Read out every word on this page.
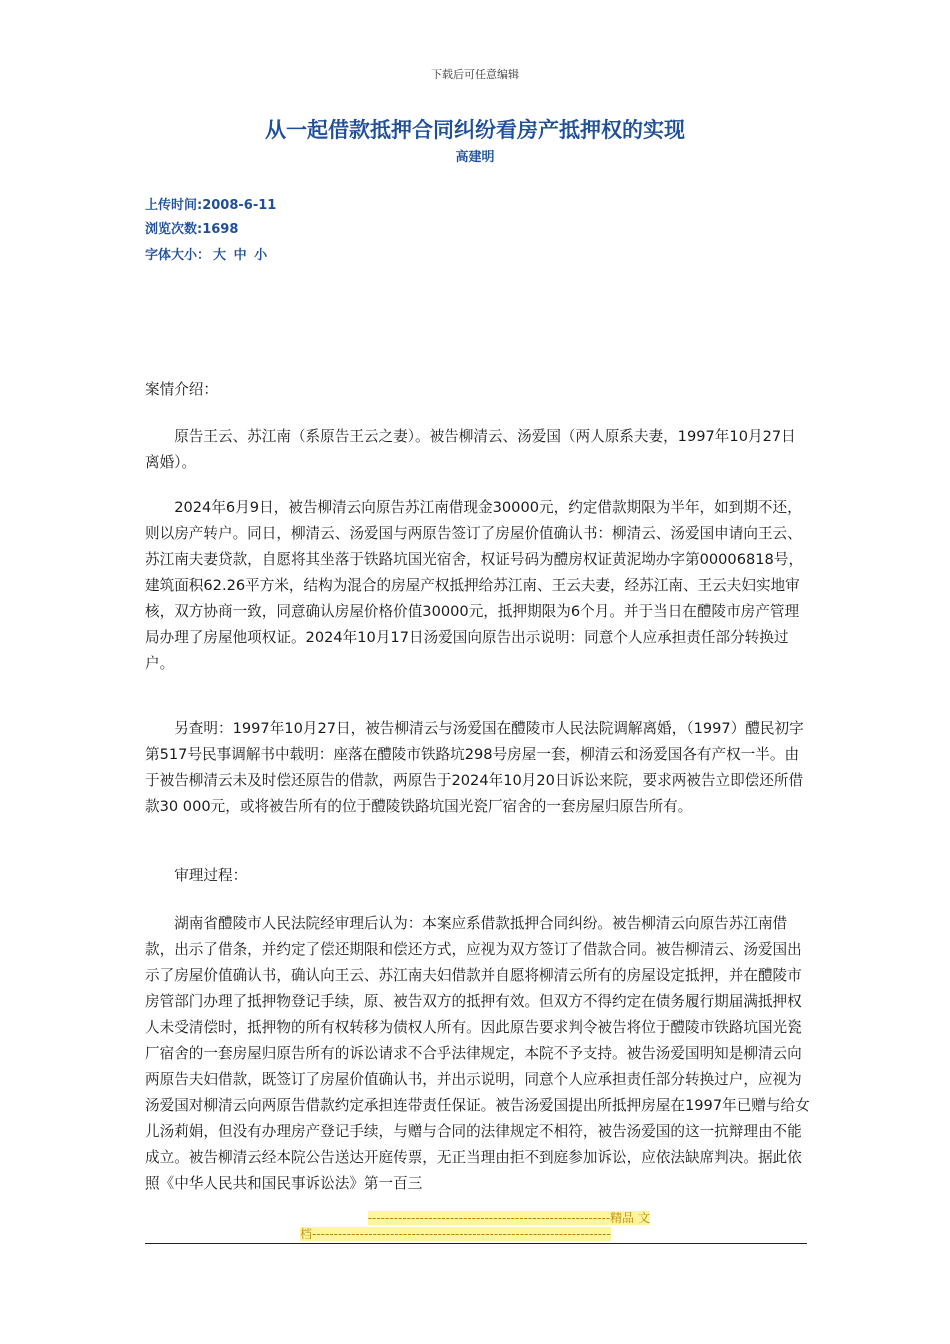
下载后可任意编辑
从一起借款抵押合同纠纷看房产抵押权的实现
高建明
上传时间:2008-6-11
浏览次数:1698
字体大小： 大 中 小

案情介绍：

原告王云、苏江南（系原告王云之妻）。被告柳清云、汤爱国（两人原系夫妻，1997年10月27日离婚）。

2024年6月9日，被告柳清云向原告苏江南借现金30000元，约定借款期限为半年，如到期不还，则以房产转户。同日，柳清云、汤爱国与两原告签订了房屋价值确认书：柳清云、汤爱国申请向王云、苏江南夫妻贷款，自愿将其坐落于铁路坑国光宿舍，权证号码为醴房权证黄泥坳办字第00006818号，建筑面积62.26平方米，结构为混合的房屋产权抵押给苏江南、王云夫妻，经苏江南、王云夫妇实地审核，双方协商一致，同意确认房屋价格价值30000元，抵押期限为6个月。并于当日在醴陵市房产管理局办理了房屋他项权证。2024年10月17日汤爱国向原告出示说明：同意个人应承担责任部分转换过户。

另查明：1997年10月27日，被告柳清云与汤爱国在醴陵市人民法院调解离婚，（1997）醴民初字第517号民事调解书中载明：座落在醴陵市铁路坑298号房屋一套，柳清云和汤爱国各有产权一半。由于被告柳清云未及时偿还原告的借款，两原告于2024年10月20日诉讼来院，要求两被告立即偿还所借款30 000元，或将被告所有的位于醴陵铁路坑国光瓷厂宿舍的一套房屋归原告所有。

审理过程：

湖南省醴陵市人民法院经审理后认为：本案应系借款抵押合同纠纷。被告柳清云向原告苏江南借款，出示了借条，并约定了偿还期限和偿还方式，应视为双方签订了借款合同。被告柳清云、汤爱国出示了房屋价值确认书，确认向王云、苏江南夫妇借款并自愿将柳清云所有的房屋设定抵押，并在醴陵市房管部门办理了抵押物登记手续，原、被告双方的抵押有效。但双方不得约定在债务履行期届满抵押权人未受清偿时，抵押物的所有权转移为债权人所有。因此原告要求判令被告将位于醴陵市铁路坑国光瓷厂宿舍的一套房屋归原告所有的诉讼请求不合乎法律规定，本院不予支持。被告汤爱国明知是柳清云向两原告夫妇借款，既签订了房屋价值确认书，并出示说明，同意个人应承担责任部分转换过户，应视为汤爱国对柳清云向两原告借款约定承担连带责任保证。被告汤爱国提出所抵押房屋在1997年已赠与给女儿汤莉娟，但没有办理房产登记手续，与赠与合同的法律规定不相符，被告汤爱国的这一抗辩理由不能成立。被告柳清云经本院公告送达开庭传票，无正当理由拒不到庭参加诉讼，应依法缺席判决。据此依照《中华人民共和国民事诉讼法》第一百三

--------------------------------------------------------精品 文
档---------------------------------------------------------------------
